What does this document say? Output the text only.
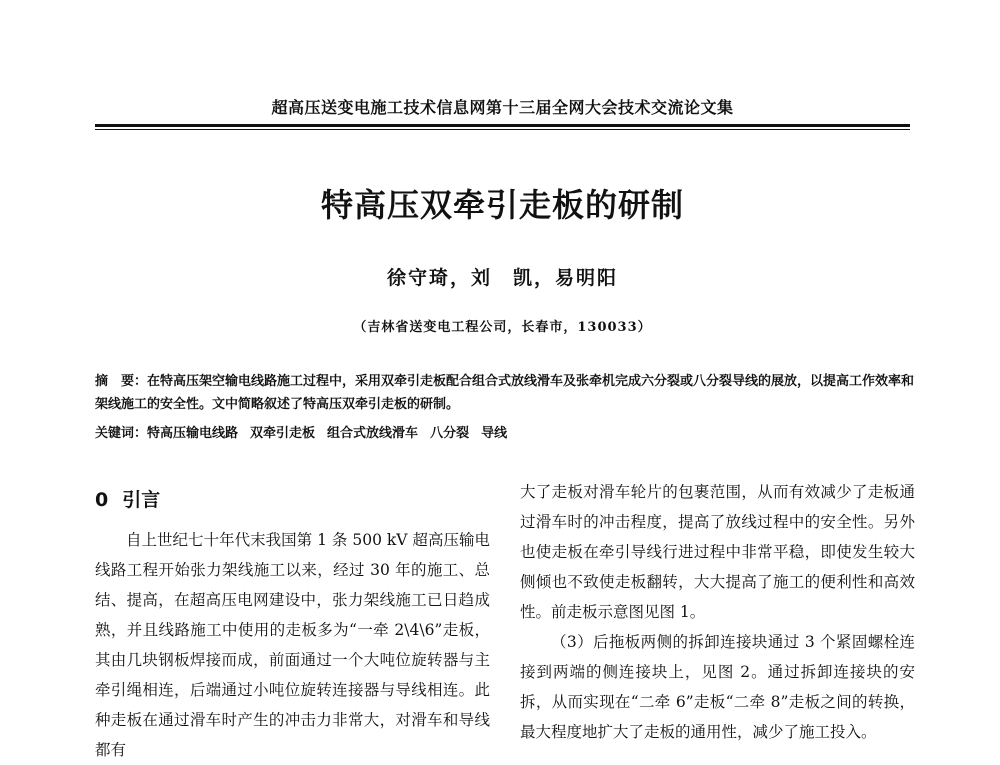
超高压送变电施工技术信息网第十三届全网大会技术交流论文集
特高压双牵引走板的研制
徐守琦，刘　凯，易明阳
（吉林省送变电工程公司，长春市，130033）

摘　要：在特高压架空输电线路施工过程中，采用双牵引走板配合组合式放线滑车及张牵机完成六分裂或八分裂导线的展放，以提高工作效率和架线施工的安全性。文中简略叙述了特高压双牵引走板的研制。

关键词：特高压输电线路 双牵引走板 组合式放线滑车 八分裂 导线

0 引言

自上世纪七十年代末我国第 1 条 500 kV 超高压输电线路工程开始张力架线施工以来，经过 30 年的施工、总结、提高，在超高压电网建设中，张力架线施工已日趋成熟，并且线路施工中使用的走板多为“一牵 2\4\6”走板，其由几块钢板焊接而成，前面通过一个大吨位旋转器与主牵引绳相连，后端通过小吨位旋转连接器与导线相连。此种走板在通过滑车时产生的冲击力非常大，对滑车和导线都有

大了走板对滑车轮片的包裹范围，从而有效减少了走板通过滑车时的冲击程度，提高了放线过程中的安全性。另外也使走板在牵引导线行进过程中非常平稳，即使发生较大侧倾也不致使走板翻转，大大提高了施工的便利性和高效性。前走板示意图见图 1。

（3）后拖板两侧的拆卸连接块通过 3 个紧固螺栓连接到两端的侧连接块上，见图 2。通过拆卸连接块的安拆，从而实现在“二牵 6”走板“二牵 8”走板之间的转换，最大程度地扩大了走板的通用性，减少了施工投入。
